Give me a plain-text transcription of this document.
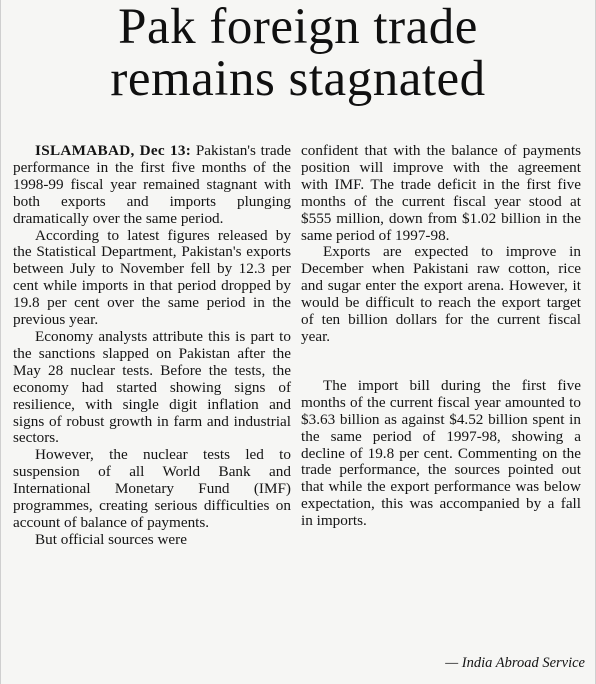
Pak foreign trade
remains stagnated

ISLAMABAD, Dec 13: Pakistan's trade performance in the first five months of the 1998-99 fiscal year remained stagnant with both exports and imports plunging dramatically over the same period.

According to latest figures released by the Statistical Department, Pakistan's exports between July to November fell by 12.3 per cent while imports in that period dropped by 19.8 per cent over the same period in the previous year.

Economy analysts attribute this is part to the sanctions slapped on Pakistan after the May 28 nuclear tests. Before the tests, the economy had started showing signs of resilience, with single digit inflation and signs of robust growth in farm and industrial sectors.

However, the nuclear tests led to suspension of all World Bank and International Monetary Fund (IMF) programmes, creating serious difficulties on account of balance of payments.

But official sources were

confident that with the balance of payments position will improve with the agreement with IMF. The trade deficit in the first five months of the current fiscal year stood at $555 million, down from $1.02 billion in the same period of 1997-98.

Exports are expected to improve in December when Pakistani raw cotton, rice and sugar enter the export arena. However, it would be difficult to reach the export target of ten billion dollars for the current fiscal year.

The import bill during the first five months of the current fiscal year amounted to $3.63 billion as against $4.52 billion spent in the same period of 1997-98, showing a decline of 19.8 per cent. Commenting on the trade performance, the sources pointed out that while the export performance was below expectation, this was accompanied by a fall in imports.

— India Abroad Service
